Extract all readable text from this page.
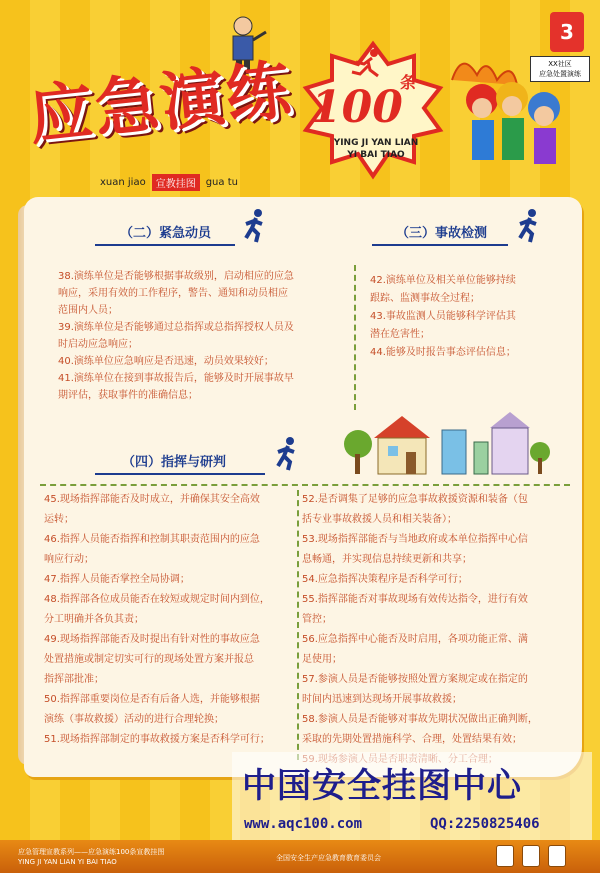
3
应急演练 100
条
YING JI YAN LIAN
YI BAI TIAO
xuan jiao	宣教挂图	gua tu
XX社区
应急处置演练
（二）紧急动员
38.演练单位是否能够根据事故级别，启动相应的应急
响应，采用有效的工作程序，警告、通知和动员相应
范围内人员；
39.演练单位是否能够通过总指挥或总指挥授权人员及
时启动应急响应；
40.演练单位应急响应是否迅速，动员效果较好；
41.演练单位在接到事故报告后，能够及时开展事故早
期评估，获取事件的准确信息；
（三）事故检测
42.演练单位及相关单位能够持续
跟踪、监测事故全过程；
43.事故监测人员能够科学评估其
潜在危害性；
44.能够及时报告事态评估信息；
（四）指挥与研判
45.现场指挥部能否及时成立，并确保其安全高效
运转；
46.指挥人员能否指挥和控制其职责范围内的应急
响应行动；
47.指挥人员能否掌控全局协调；
48.指挥部各位成员能否在较短或规定时间内到位，
分工明确并各负其责；
49.现场指挥部能否及时提出有针对性的事故应急
处置措施或制定切实可行的现场处置方案并报总
指挥部批准；
50.指挥部重要岗位是否有后备人选，并能够根据
演练（事故救援）活动的进行合理轮换；
51.现场指挥部制定的事故救援方案是否科学可行；
52.是否调集了足够的应急事故救援资源和装备（包
括专业事故救援人员和相关装备）；
53.现场指挥部能否与当地政府或本单位指挥中心信
息畅通，并实现信息持续更新和共享；
54.应急指挥决策程序是否科学可行；
55.指挥部能否对事故现场有效传达指令，进行有效
管控；
56.应急指挥中心能否及时启用，各项功能正常、满
足使用；
57.参演人员是否能够按照处置方案规定或在指定的
时间内迅速到达现场开展事故救援；
58.参演人员是否能够对事故先期状况做出正确判断，
采取的先期处置措施科学、合理，处置结果有效；
中国安全挂图中心
www.aqc100.com	QQ:2250825406
应急管理宣教系列——应急演练100条宣教挂图
YING JI YAN LIAN YI BAI TIAO	全国安全生产应急教育教育委员会
